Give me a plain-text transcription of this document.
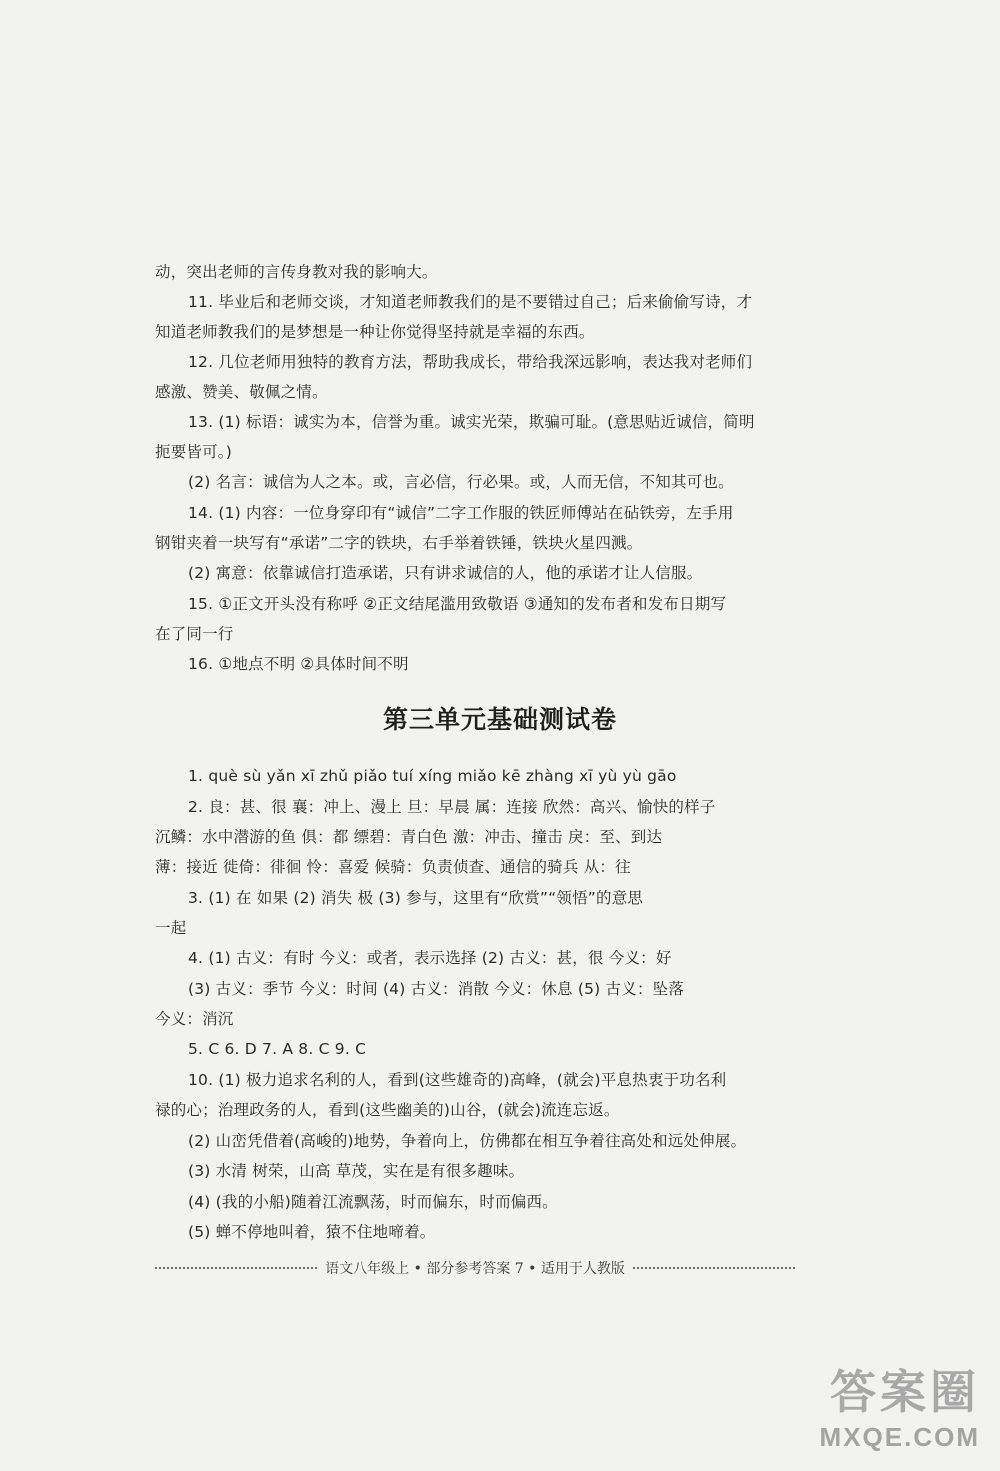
动，突出老师的言传身教对我的影响大。
11. 毕业后和老师交谈，才知道老师教我们的是不要错过自己；后来偷偷写诗，才
知道老师教我们的是梦想是一种让你觉得坚持就是幸福的东西。
12. 几位老师用独特的教育方法，帮助我成长，带给我深远影响，表达我对老师们
感激、赞美、敬佩之情。
13. (1) 标语：诚实为本，信誉为重。诚实光荣，欺骗可耻。(意思贴近诚信，简明
扼要皆可。)
(2) 名言：诚信为人之本。或，言必信，行必果。或，人而无信，不知其可也。
14. (1) 内容：一位身穿印有“诚信”二字工作服的铁匠师傅站在砧铁旁，左手用
钢钳夹着一块写有“承诺”二字的铁块，右手举着铁锤，铁块火星四溅。
(2) 寓意：依靠诚信打造承诺，只有讲求诚信的人，他的承诺才让人信服。
15. ①正文开头没有称呼 ②正文结尾滥用致敬语 ③通知的发布者和发布日期写
在了同一行
16. ①地点不明 ②具体时间不明
第三单元基础测试卷
1. què sù yǎn xī zhǔ piǎo tuí xíng miǎo kē zhàng xī yù yù gāo
2. 良：甚、很 襄：冲上、漫上 旦：早晨 属：连接 欣然：高兴、愉快的样子
沉鳞：水中潜游的鱼 俱：都 缥碧：青白色 激：冲击、撞击 戾：至、到达
薄：接近 徙倚：徘徊 怜：喜爱 候骑：负责侦查、通信的骑兵 从：往
3. (1) 在 如果 (2) 消失 极 (3) 参与，这里有“欣赏”“领悟”的意思
一起
4. (1) 古义：有时 今义：或者，表示选择 (2) 古义：甚，很 今义：好
(3) 古义：季节 今义：时间 (4) 古义：消散 今义：休息 (5) 古义：坠落
今义：消沉
5. C 6. D 7. A 8. C 9. C
10. (1) 极力追求名利的人，看到(这些雄奇的)高峰，(就会)平息热衷于功名利
禄的心；治理政务的人，看到(这些幽美的)山谷，(就会)流连忘返。
(2) 山峦凭借着(高峻的)地势，争着向上，仿佛都在相互争着往高处和远处伸展。
(3) 水清 树荣，山高 草茂，实在是有很多趣味。
(4) (我的小船)随着江流飘荡，时而偏东，时而偏西。
(5) 蝉不停地叫着，猿不住地啼着。
语文八年级上 • 部分参考答案 7 • 适用于人教版
答案圈
MXQE.COM
